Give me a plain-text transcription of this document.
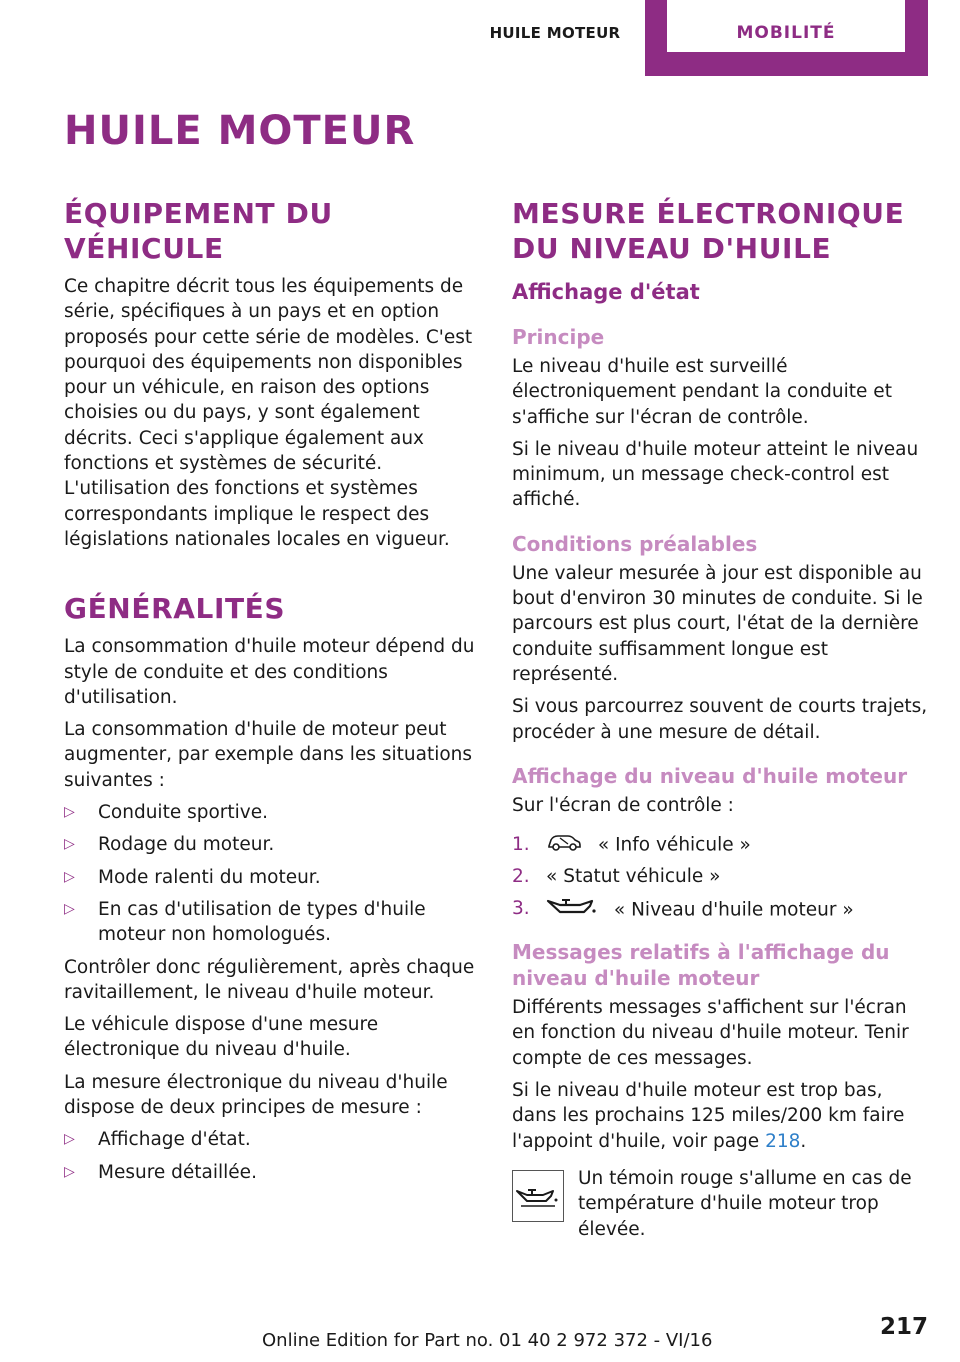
HUILE MOTEUR	MOBILITÉ
HUILE MOTEUR
ÉQUIPEMENT DU VÉHICULE

Ce chapitre décrit tous les équipements de série, spécifiques à un pays et en option proposés pour cette série de modèles. C'est pourquoi des équipements non disponibles pour un véhicule, en raison des options choisies ou du pays, y sont également décrits. Ceci s'applique également aux fonctions et systèmes de sécurité. L'utilisation des fonctions et systèmes correspondants implique le respect des législations nationales locales en vigueur.

GÉNÉRALITÉS

La consommation d'huile moteur dépend du style de conduite et des conditions d'utilisation.

La consommation d'huile de moteur peut augmenter, par exemple dans les situations suivantes :

▷ Conduite sportive.
▷ Rodage du moteur.
▷ Mode ralenti du moteur.
▷ En cas d'utilisation de types d'huile moteur non homologués.

Contrôler donc régulièrement, après chaque ravitaillement, le niveau d'huile moteur.

Le véhicule dispose d'une mesure électronique du niveau d'huile.

La mesure électronique du niveau d'huile dispose de deux principes de mesure :

▷ Affichage d'état.
▷ Mesure détaillée.
MESURE ÉLECTRONIQUE DU NIVEAU D'HUILE
Affichage d'état
Principe

Le niveau d'huile est surveillé électroniquement pendant la conduite et s'affiche sur l'écran de contrôle.

Si le niveau d'huile moteur atteint le niveau minimum, un message check-control est affiché.

Conditions préalables

Une valeur mesurée à jour est disponible au bout d'environ 30 minutes de conduite. Si le parcours est plus court, l'état de la dernière conduite suffisamment longue est représenté.

Si vous parcourrez souvent de courts trajets, procéder à une mesure de détail.

Affichage du niveau d'huile moteur

Sur l'écran de contrôle :

1.	« Info véhicule »
2. « Statut véhicule »
3.	« Niveau d'huile moteur »
Messages relatifs à l'affichage du niveau d'huile moteur

Différents messages s'affichent sur l'écran en fonction du niveau d'huile moteur. Tenir compte de ces messages.

Si le niveau d'huile moteur est trop bas, dans les prochains 125 miles/200 km faire l'appoint d'huile, voir page 218.

Un témoin rouge s'allume en cas de température d'huile moteur trop élevée.

Online Edition for Part no. 01 40 2 972 372 - VI/16
217
